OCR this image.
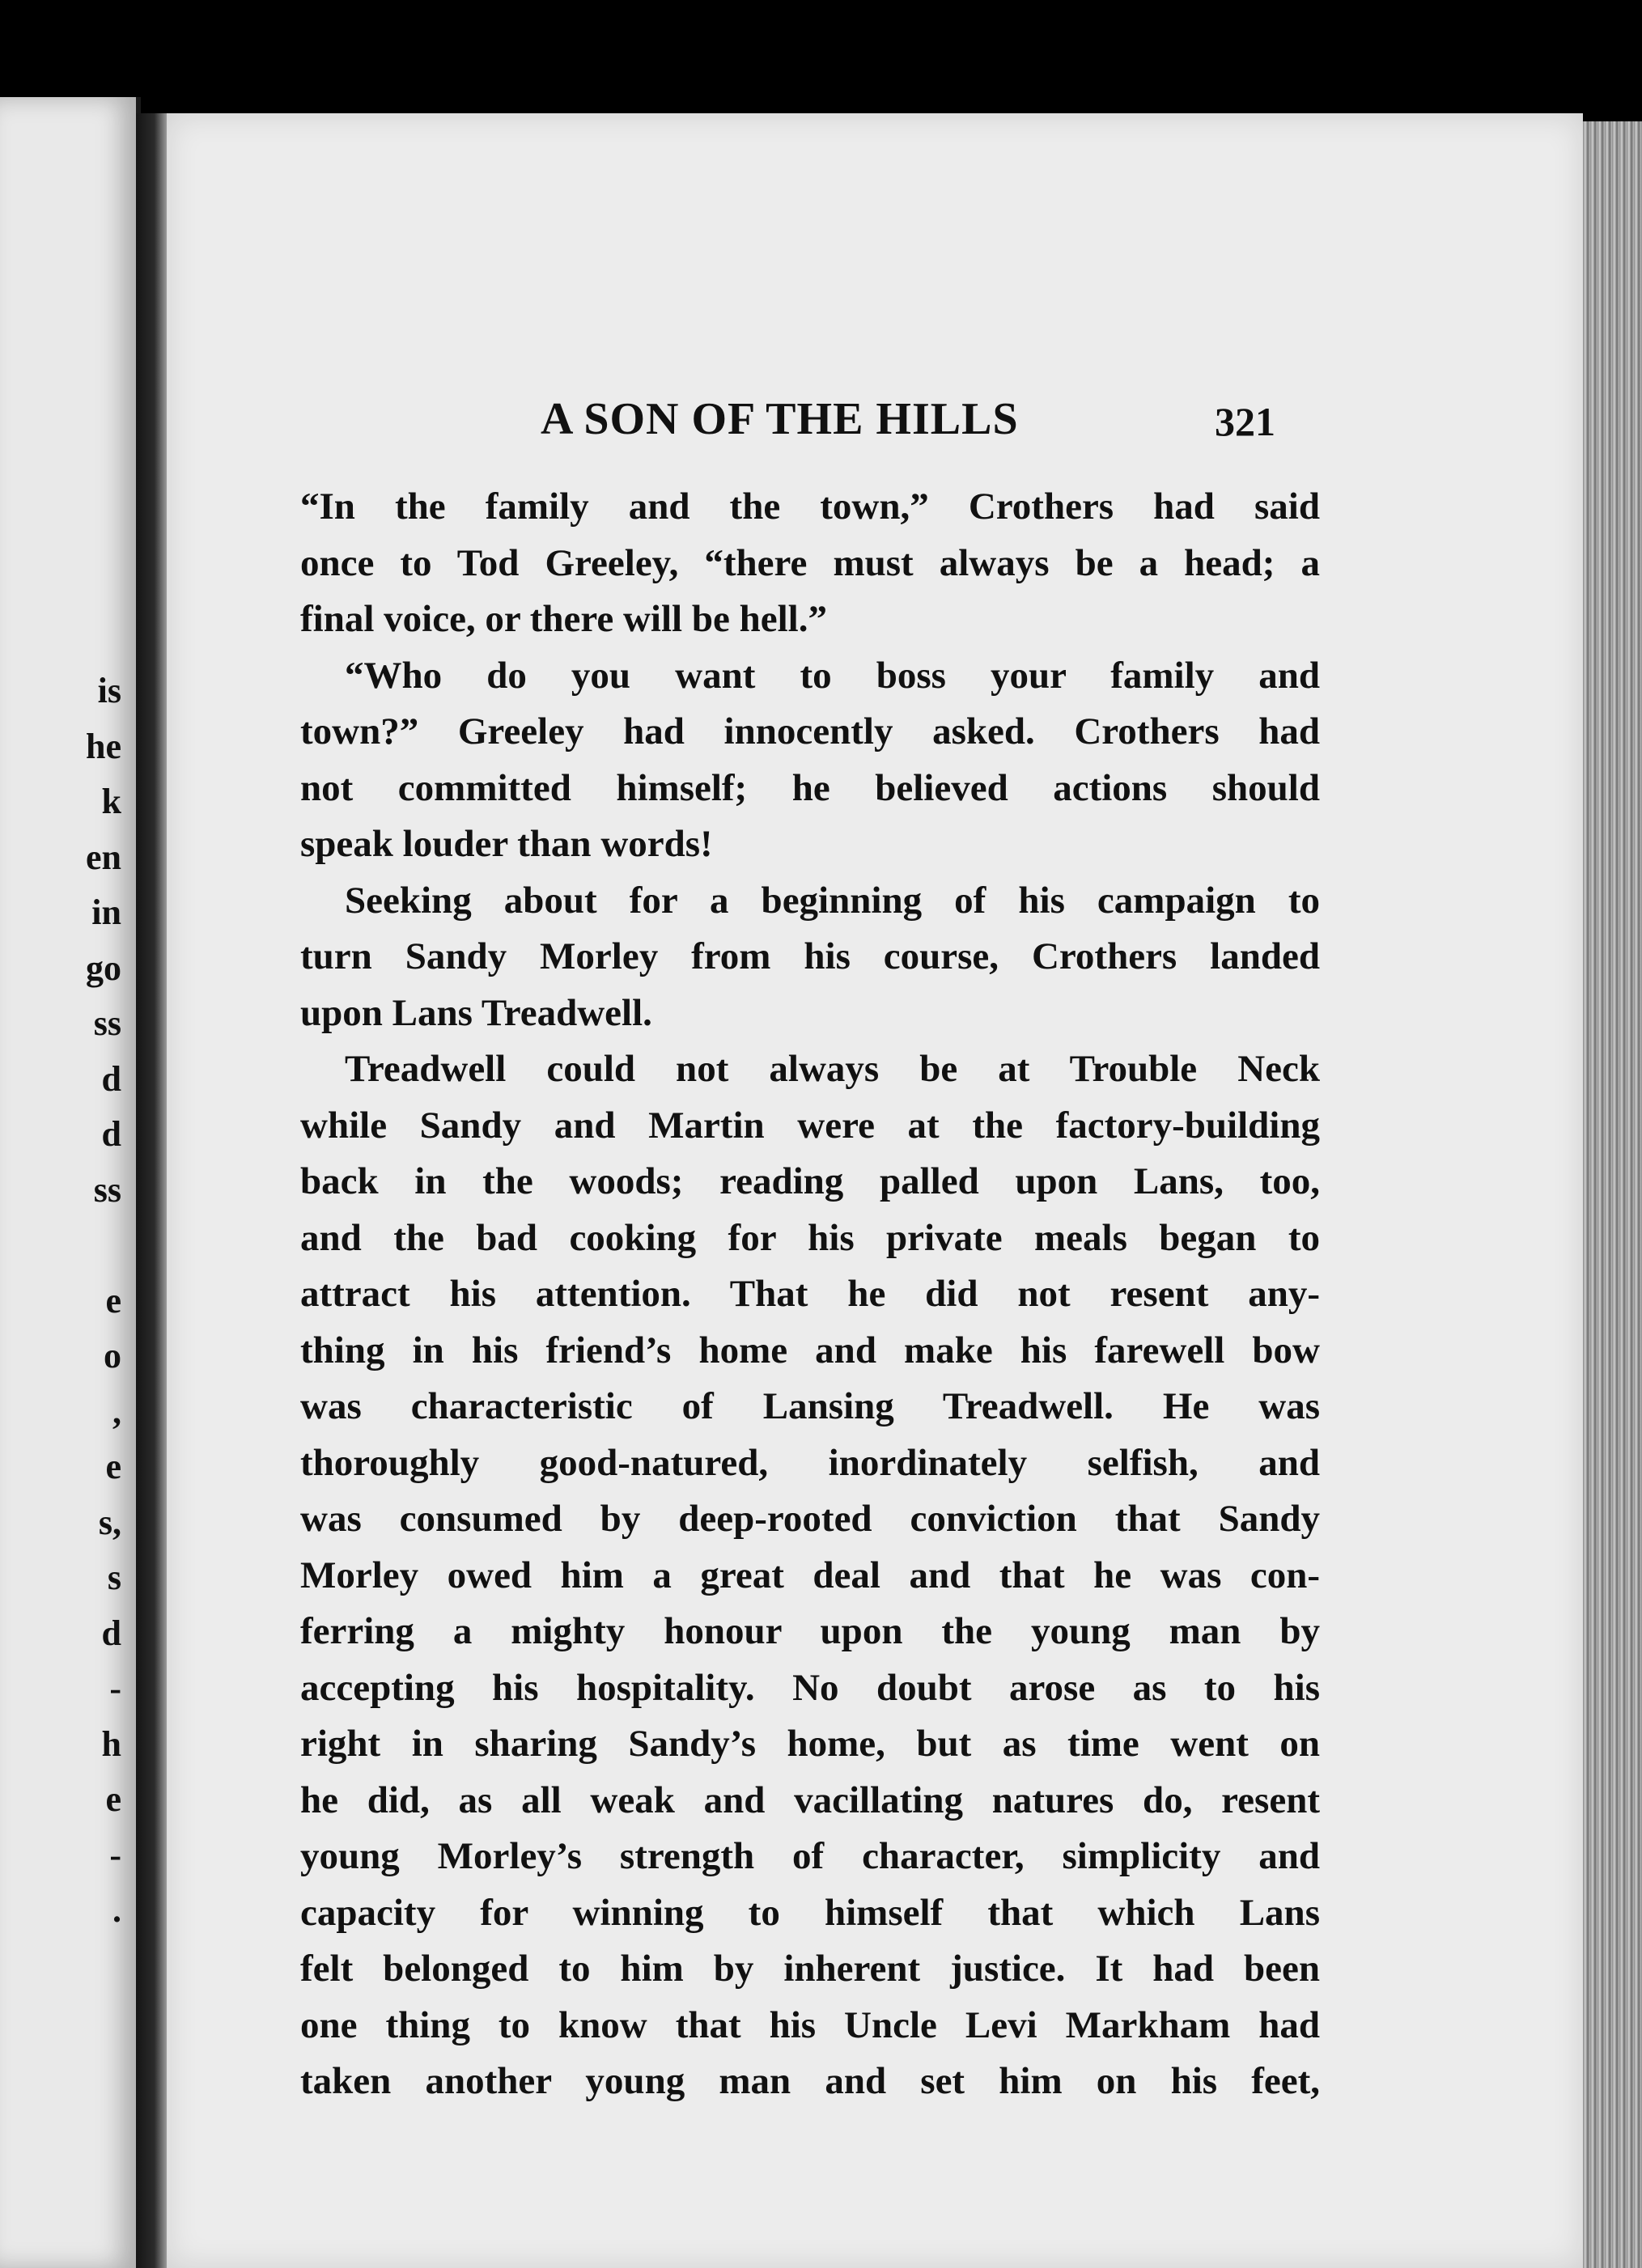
is
he
k
en
in
go
ss
d
d
ss
e
o
,
e
s,
s
d
-
h
e
-
.
A SON OF THE HILLS	321
“In the family and the town,” Crothers had said
once to Tod Greeley, “there must always be a head; a
final voice, or there will be hell.”
“Who do you want to boss your family and
town?” Greeley had innocently asked. Crothers had
not committed himself; he believed actions should
speak louder than words!
Seeking about for a beginning of his campaign to
turn Sandy Morley from his course, Crothers landed
upon Lans Treadwell.
Treadwell could not always be at Trouble Neck
while Sandy and Martin were at the factory-building
back in the woods; reading palled upon Lans, too,
and the bad cooking for his private meals began to
attract his attention. That he did not resent any-
thing in his friend’s home and make his farewell bow
was characteristic of Lansing Treadwell. He was
thoroughly good-natured, inordinately selfish, and
was consumed by deep-rooted conviction that Sandy
Morley owed him a great deal and that he was con-
ferring a mighty honour upon the young man by
accepting his hospitality. No doubt arose as to his
right in sharing Sandy’s home, but as time went on
he did, as all weak and vacillating natures do, resent
young Morley’s strength of character, simplicity and
capacity for winning to himself that which Lans
felt belonged to him by inherent justice. It had been
one thing to know that his Uncle Levi Markham had
taken another young man and set him on his feet,
